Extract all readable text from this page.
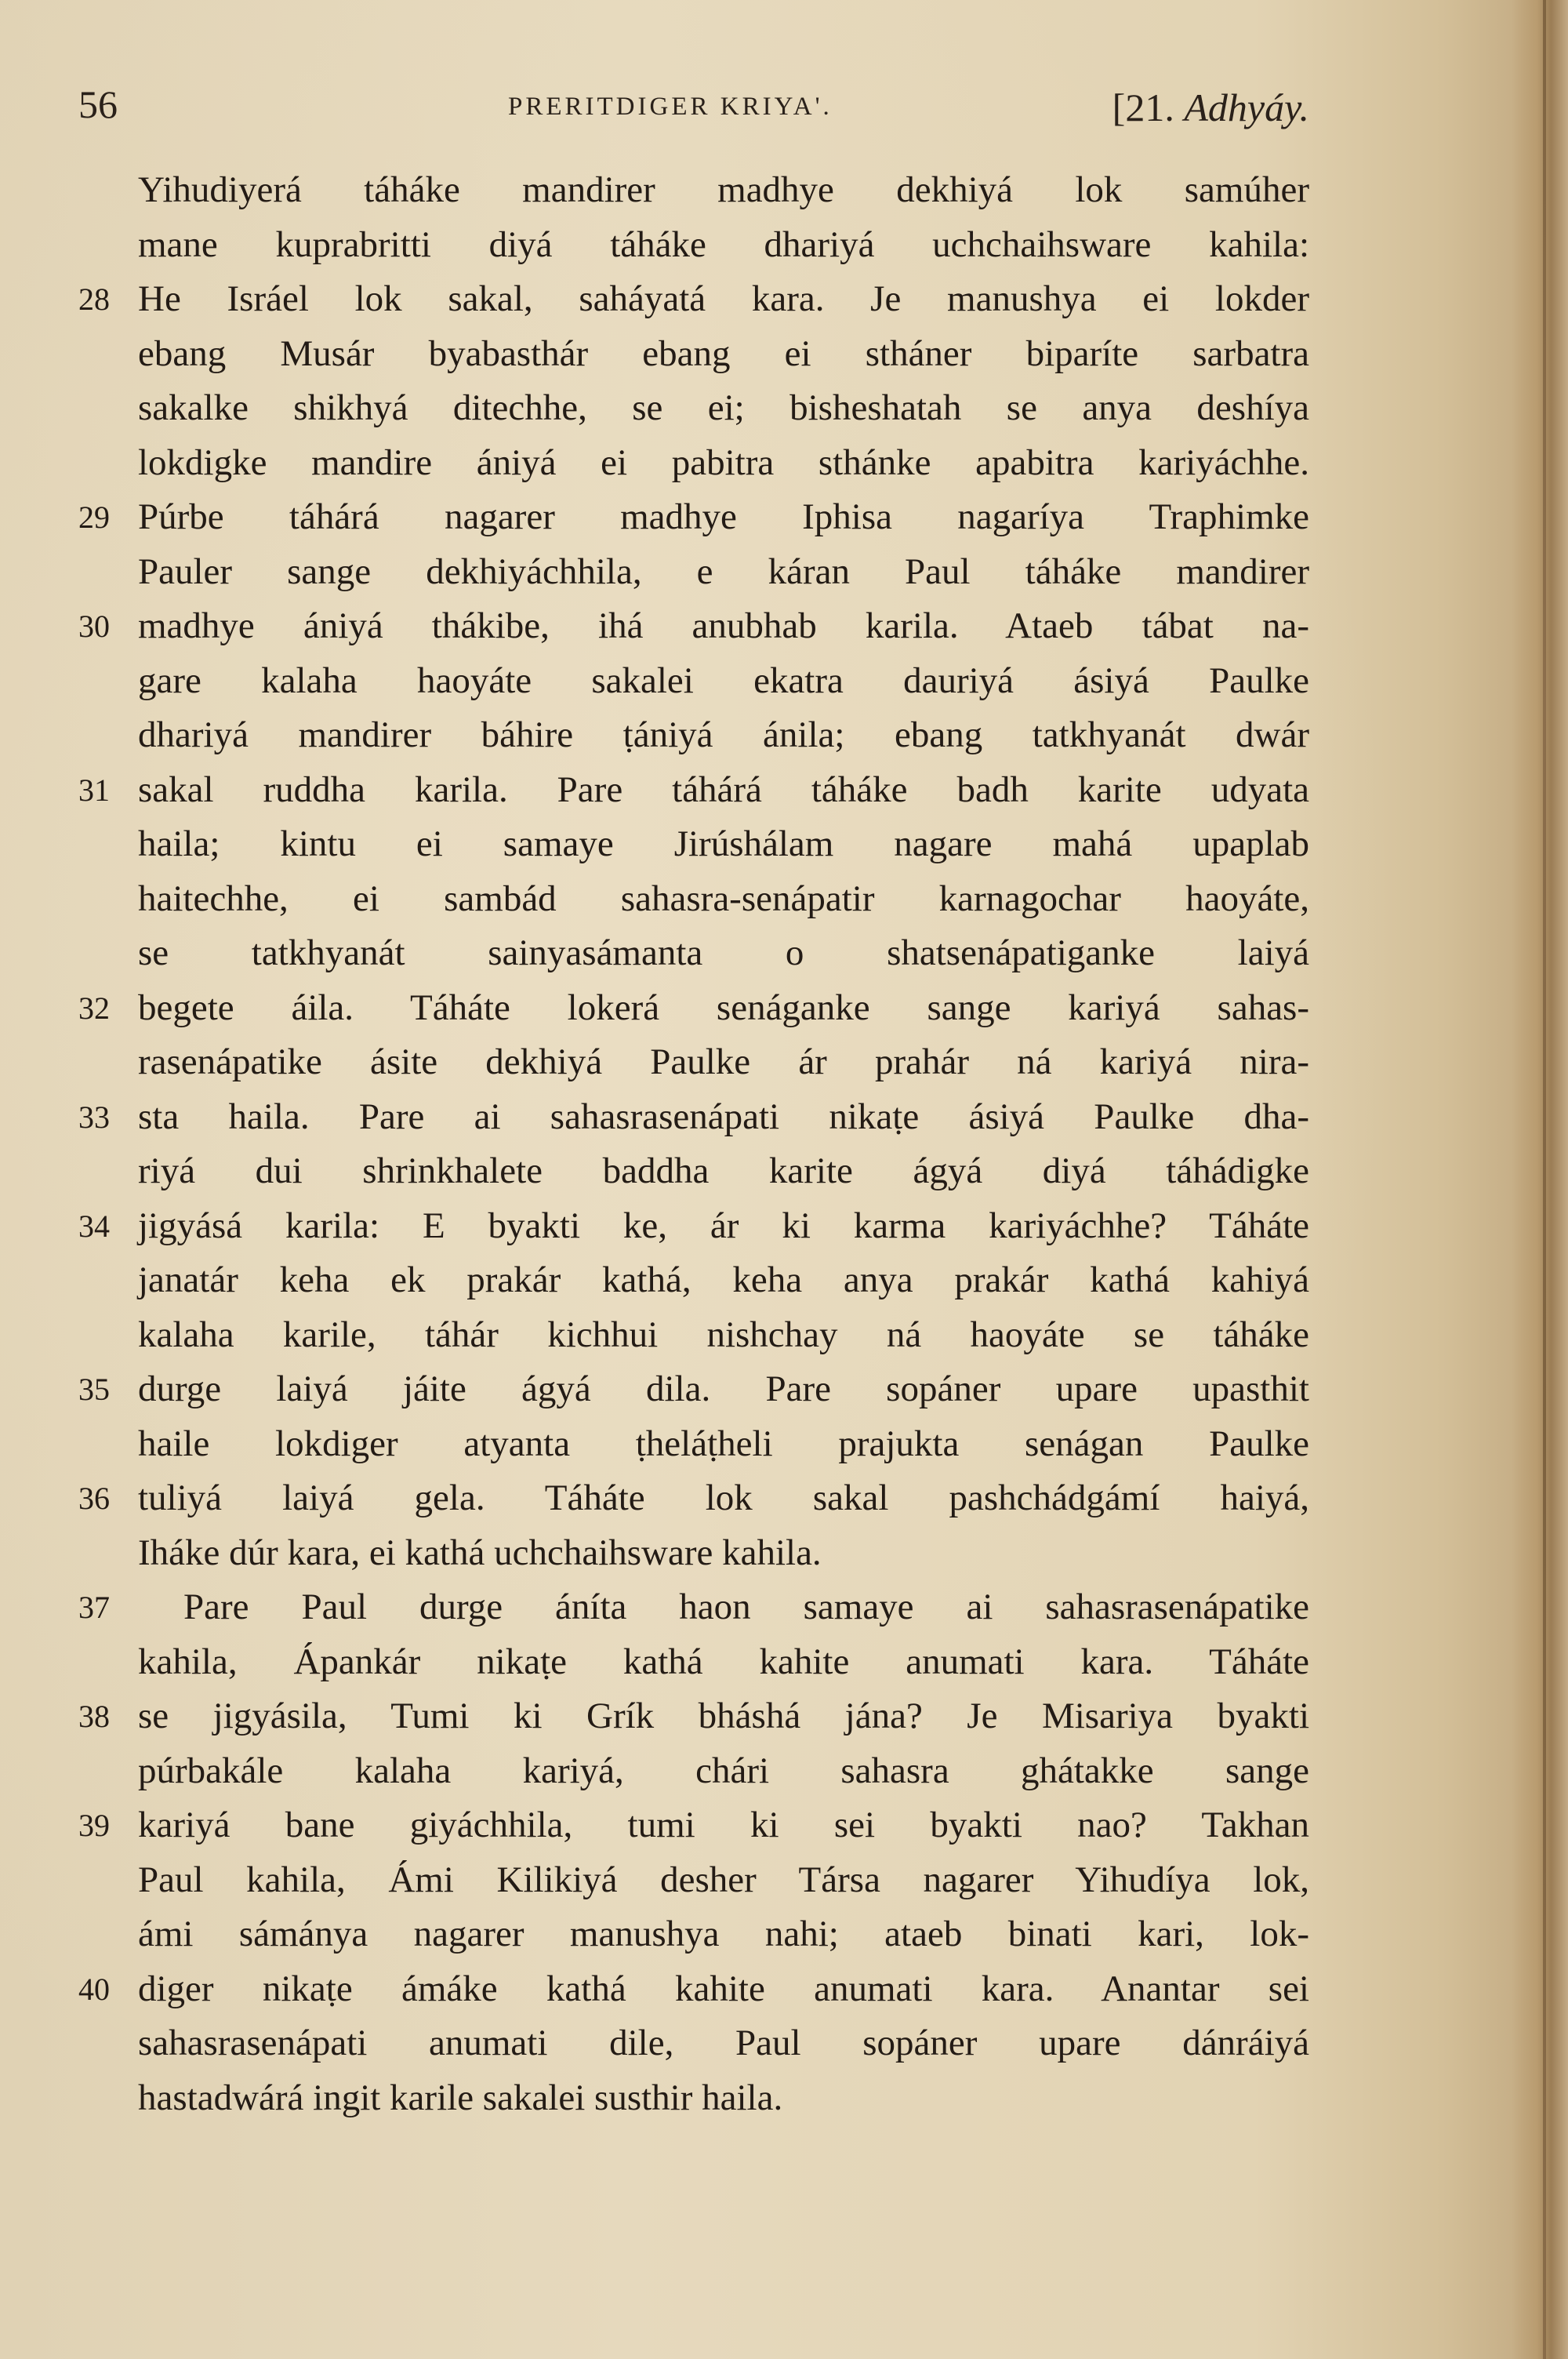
56	PRERITDIGER KRIYA'.	[21. Adhyáy.
Yihudiyerá táháke mandirer madhye dekhiyá lok samúher
mane kuprabritti diyá táháke dhariyá uchchaihsware kahila:
28 He Isráel lok sakal, saháyatá kara. Je manushya ei lokder
ebang Musár byabasthár ebang ei stháner biparíte sarbatra
sakalke shikhyá ditechhe, se ei; bisheshatah se anya deshíya
lokdigke mandire ániyá ei pabitra sthánke apabitra kariyáchhe.
29 Púrbe táhárá nagarer madhye Iphisa nagaríya Traphimke
Pauler sange dekhiyáchhila, e káran Paul táháke mandirer
30 madhye ániyá thákibe, ihá anubhab karila. Ataeb tábat na-
gare kalaha haoyáte sakalei ekatra dauriyá ásiyá Paulke
dhariyá mandirer báhire ṭániyá ánila; ebang tatkhyanát dwár
31 sakal ruddha karila. Pare táhárá táháke badh karite udyata
haila; kintu ei samaye Jirúshálam nagare mahá upaplab
haitechhe, ei sambád sahasra-senápatir karnagochar haoyáte,
se tatkhyanát sainyasámanta o shatsenápatiganke laiyá
32 begete áila. Táháte lokerá senáganke sange kariyá sahas-
rasenápatike ásite dekhiyá Paulke ár prahár ná kariyá nira-
33 sta haila. Pare ai sahasrasenápati nikaṭe ásiyá Paulke dha-
riyá dui shrinkhalete baddha karite ágyá diyá táhádigke
34 jigyásá karila: E byakti ke, ár ki karma kariyáchhe? Táháte
janatár keha ek prakár kathá, keha anya prakár kathá kahiyá
kalaha karile, táhár kichhui nishchay ná haoyáte se táháke
35 durge laiyá jáite ágyá dila. Pare sopáner upare upasthit
haile lokdiger atyanta ṭheláṭheli prajukta senágan Paulke
36 tuliyá laiyá gela. Táháte lok sakal pashchádgámí haiyá,
Iháke dúr kara, ei kathá uchchaihsware kahila.
37	Pare Paul durge áníta haon samaye ai sahasrasenápatike
kahila, Ápankár nikaṭe kathá kahite anumati kara. Táháte
38 se jigyásila, Tumi ki Grík bháshá jána? Je Misariya byakti
púrbakále kalaha kariyá, chári sahasra ghátakke sange
39 kariyá bane giyáchhila, tumi ki sei byakti nao? Takhan
Paul kahila, Ámi Kilikiyá desher Társa nagarer Yihudíya lok,
ámi sámánya nagarer manushya nahi; ataeb binati kari, lok-
40 diger nikaṭe ámáke kathá kahite anumati kara. Anantar sei
sahasrasenápati anumati dile, Paul sopáner upare dánráiyá
hastadwárá ingit karile sakalei susthir haila.
